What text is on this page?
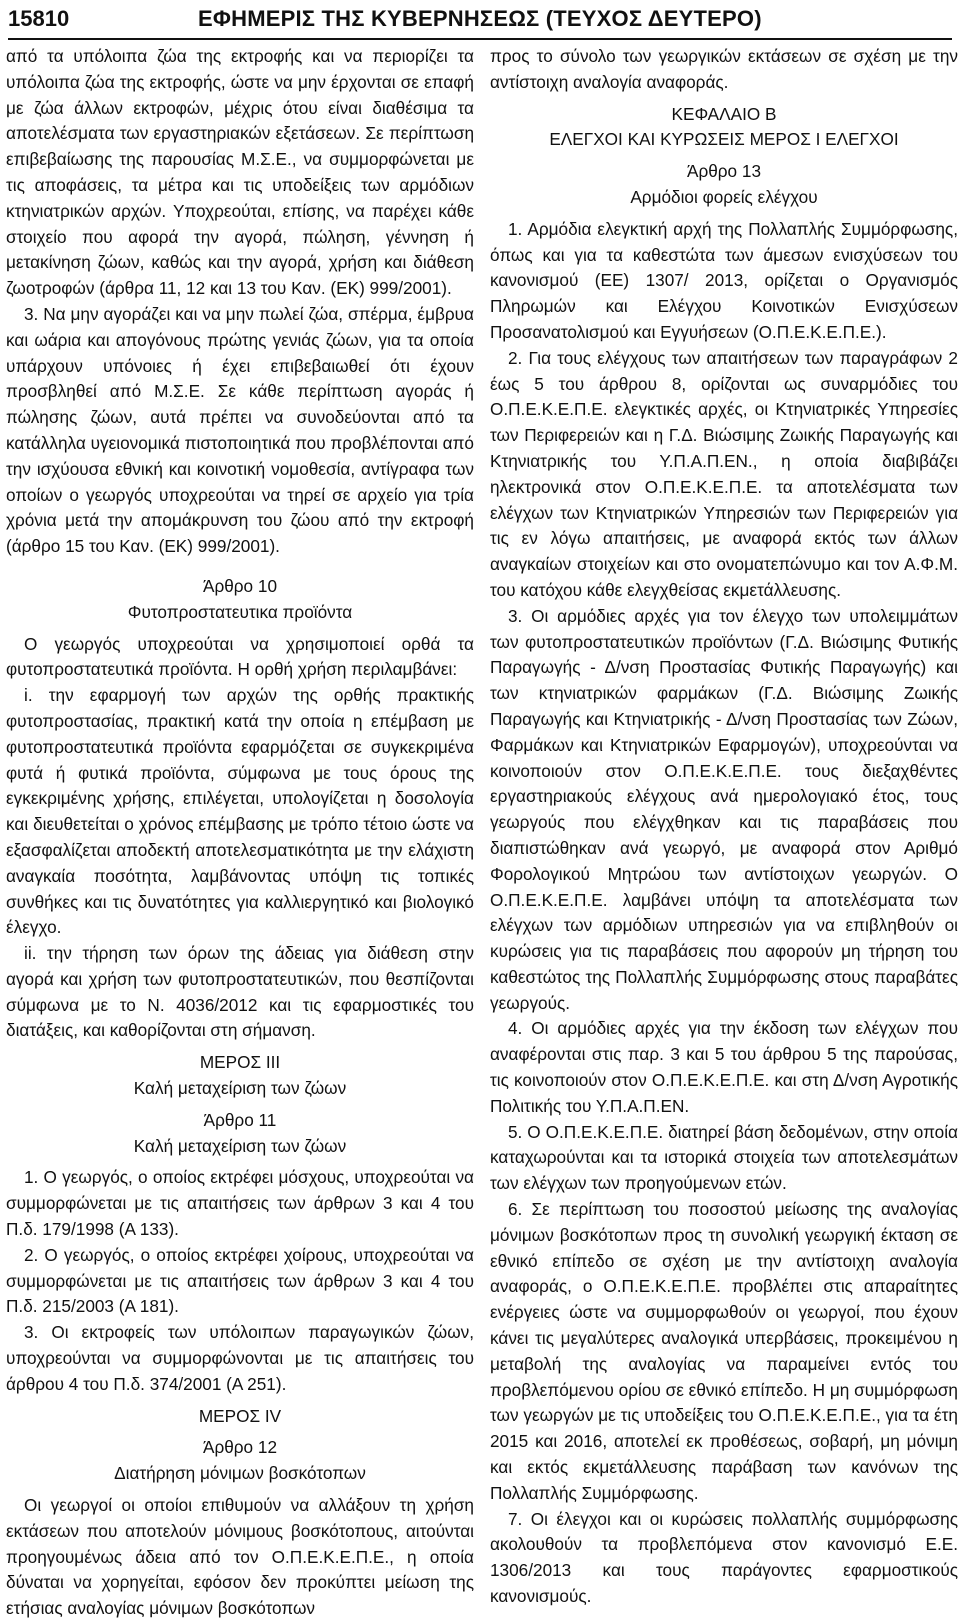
15810	ΕΦΗΜΕΡΙΣ ΤΗΣ ΚΥΒΕΡΝΗΣΕΩΣ (ΤΕΥΧΟΣ ΔΕΥΤΕΡΟ)

από τα υπόλοιπα ζώα της εκτροφής και να περιορίζει τα υπόλοιπα ζώα της εκτροφής, ώστε να μην έρχονται σε επαφή με ζώα άλλων εκτροφών, μέχρις ότου είναι διαθέσιμα τα αποτελέσματα των εργαστηριακών εξετάσεων. Σε περίπτωση επιβεβαίωσης της παρουσίας Μ.Σ.Ε., να συμμορφώνεται με τις αποφάσεις, τα μέτρα και τις υποδείξεις των αρμόδιων κτηνιατρικών αρχών. Υποχρεούται, επίσης, να παρέχει κάθε στοιχείο που αφορά την αγορά, πώληση, γέννηση ή μετακίνηση ζώων, καθώς και την αγορά, χρήση και διάθεση ζωοτροφών (άρθρα 11, 12 και 13 του Καν. (ΕΚ) 999/2001).

3. Να μην αγοράζει και να μην πωλεί ζώα, σπέρμα, έμβρυα και ωάρια και απογόνους πρώτης γενιάς ζώων, για τα οποία υπάρχουν υπόνοιες ή έχει επιβεβαιωθεί ότι έχουν προσβληθεί από Μ.Σ.Ε. Σε κάθε περίπτωση αγοράς ή πώλησης ζώων, αυτά πρέπει να συνοδεύονται από τα κατάλληλα υγειονομικά πιστοποιητικά που προβλέπονται από την ισχύουσα εθνική και κοινοτική νομοθεσία, αντίγραφα των οποίων ο γεωργός υποχρεούται να τηρεί σε αρχείο για τρία χρόνια μετά την απομάκρυνση του ζώου από την εκτροφή (άρθρο 15 του Καν. (ΕΚ) 999/2001).

Άρθρο 10

Φυτοπροστατευτικα προϊόντα

Ο γεωργός υποχρεούται να χρησιμοποιεί ορθά τα φυτοπροστατευτικά προϊόντα. Η ορθή χρήση περιλαμβάνει:

i. την εφαρμογή των αρχών της ορθής πρακτικής φυτοπροστασίας, πρακτική κατά την οποία η επέμβαση με φυτοπροστατευτικά προϊόντα εφαρμόζεται σε συγκεκριμένα φυτά ή φυτικά προϊόντα, σύμφωνα με τους όρους της εγκεκριμένης χρήσης, επιλέγεται, υπολογίζεται η δοσολογία και διευθετείται ο χρόνος επέμβασης με τρόπο τέτοιο ώστε να εξασφαλίζεται αποδεκτή αποτελεσματικότητα με την ελάχιστη αναγκαία ποσότητα, λαμβάνοντας υπόψη τις τοπικές συνθήκες και τις δυνατότητες για καλλιεργητικό και βιολογικό έλεγχο.

ii. την τήρηση των όρων της άδειας για διάθεση στην αγορά και χρήση των φυτοπροστατευτικών, που θεσπίζονται σύμφωνα με το Ν. 4036/2012 και τις εφαρμοστικές του διατάξεις, και καθορίζονται στη σήμανση.

ΜΕΡΟΣ III

Καλή μεταχείριση των ζώων

Άρθρο 11

Καλή μεταχείριση των ζώων

1. Ο γεωργός, ο οποίος εκτρέφει μόσχους, υποχρεούται να συμμορφώνεται με τις απαιτήσεις των άρθρων 3 και 4 του Π.δ. 179/1998 (Α 133).

2. Ο γεωργός, ο οποίος εκτρέφει χοίρους, υποχρεούται να συμμορφώνεται με τις απαιτήσεις των άρθρων 3 και 4 του Π.δ. 215/2003 (Α 181).

3. Οι εκτροφείς των υπόλοιπων παραγωγικών ζώων, υποχρεούνται να συμμορφώνονται με τις απαιτήσεις του άρθρου 4 του Π.δ. 374/2001 (Α 251).

ΜΕΡΟΣ IV

Άρθρο 12

Διατήρηση μόνιμων βοσκότοπων

Οι γεωργοί οι οποίοι επιθυμούν να αλλάξουν τη χρήση εκτάσεων που αποτελούν μόνιμους βοσκότοπους, αιτούνται προηγουμένως άδεια από τον Ο.Π.Ε.Κ.Ε.Π.Ε., η οποία δύναται να χορηγείται, εφόσον δεν προκύπτει μείωση της ετήσιας αναλογίας μόνιμων βοσκότοπων

προς το σύνολο των γεωργικών εκτάσεων σε σχέση με την αντίστοιχη αναλογία αναφοράς.

ΚΕΦΑΛΑΙΟ Β

ΕΛΕΓΧΟΙ ΚΑΙ ΚΥΡΩΣΕΙΣ ΜΕΡΟΣ Ι ΕΛΕΓΧΟΙ

Άρθρο 13

Αρμόδιοι φορείς ελέγχου

1. Αρμόδια ελεγκτική αρχή της Πολλαπλής Συμμόρφωσης, όπως και για τα καθεστώτα των άμεσων ενισχύσεων του κανονισμού (ΕΕ) 1307/ 2013, ορίζεται ο Οργανισμός Πληρωμών και Ελέγχου Κοινοτικών Ενισχύσεων Προσανατολισμού και Εγγυήσεων (Ο.Π.Ε.Κ.Ε.Π.Ε.).

2. Για τους ελέγχους των απαιτήσεων των παραγράφων 2 έως 5 του άρθρου 8, ορίζονται ως συναρμόδιες του Ο.Π.Ε.Κ.Ε.Π.Ε. ελεγκτικές αρχές, οι Κτηνιατρικές Υπηρεσίες των Περιφερειών και η Γ.Δ. Βιώσιμης Ζωικής Παραγωγής και Κτηνιατρικής του Υ.Π.Α.Π.ΕΝ., η οποία διαβιβάζει ηλεκτρονικά στον Ο.Π.Ε.Κ.Ε.Π.Ε. τα αποτελέσματα των ελέγχων των Κτηνιατρικών Υπηρεσιών των Περιφερειών για τις εν λόγω απαιτήσεις, με αναφορά εκτός των άλλων αναγκαίων στοιχείων και στο ονοματεπώνυμο και τον Α.Φ.Μ. του κατόχου κάθε ελεγχθείσας εκμετάλλευσης.

3. Οι αρμόδιες αρχές για τον έλεγχο των υπολειμμάτων των φυτοπροστατευτικών προϊόντων (Γ.Δ. Βιώσιμης Φυτικής Παραγωγής - Δ/νση Προστασίας Φυτικής Παραγωγής) και των κτηνιατρικών φαρμάκων (Γ.Δ. Βιώσιμης Ζωικής Παραγωγής και Κτηνιατρικής - Δ/νση Προστασίας των Ζώων, Φαρμάκων και Κτηνιατρικών Εφαρμογών), υποχρεούνται να κοινοποιούν στον Ο.Π.Ε.Κ.Ε.Π.Ε. τους διεξαχθέντες εργαστηριακούς ελέγχους ανά ημερολογιακό έτος, τους γεωργούς που ελέγχθηκαν και τις παραβάσεις που διαπιστώθηκαν ανά γεωργό, με αναφορά στον Αριθμό Φορολογικού Μητρώου των αντίστοιχων γεωργών. Ο Ο.Π.Ε.Κ.Ε.Π.Ε. λαμβάνει υπόψη τα αποτελέσματα των ελέγχων των αρμόδιων υπηρεσιών για να επιβληθούν οι κυρώσεις για τις παραβάσεις που αφορούν μη τήρηση του καθεστώτος της Πολλαπλής Συμμόρφωσης στους παραβάτες γεωργούς.

4. Οι αρμόδιες αρχές για την έκδοση των ελέγχων που αναφέρονται στις παρ. 3 και 5 του άρθρου 5 της παρούσας, τις κοινοποιούν στον Ο.Π.Ε.Κ.Ε.Π.Ε. και στη Δ/νση Αγροτικής Πολιτικής του Υ.Π.Α.Π.ΕΝ.

5. Ο Ο.Π.Ε.Κ.Ε.Π.Ε. διατηρεί βάση δεδομένων, στην οποία καταχωρούνται και τα ιστορικά στοιχεία των αποτελεσμάτων των ελέγχων των προηγούμενων ετών.

6. Σε περίπτωση του ποσοστού μείωσης της αναλογίας μόνιμων βοσκότοπων προς τη συνολική γεωργική έκταση σε εθνικό επίπεδο σε σχέση με την αντίστοιχη αναλογία αναφοράς, ο Ο.Π.Ε.Κ.Ε.Π.Ε. προβλέπει στις απαραίτητες ενέργειες ώστε να συμμορφωθούν οι γεωργοί, που έχουν κάνει τις μεγαλύτερες αναλογικά υπερβάσεις, προκειμένου η μεταβολή της αναλογίας να παραμείνει εντός του προβλεπόμενου ορίου σε εθνικό επίπεδο. Η μη συμμόρφωση των γεωργών με τις υποδείξεις του Ο.Π.Ε.Κ.Ε.Π.Ε., για τα έτη 2015 και 2016, αποτελεί εκ προθέσεως, σοβαρή, μη μόνιμη και εκτός εκμετάλλευσης παράβαση των κανόνων της Πολλαπλής Συμμόρφωσης.

7. Οι έλεγχοι και οι κυρώσεις πολλαπλής συμμόρφωσης ακολουθούν τα προβλεπόμενα στον κανονισμό Ε.Ε. 1306/2013 και τους παράγοντες εφαρμοστικούς κανονισμούς.
